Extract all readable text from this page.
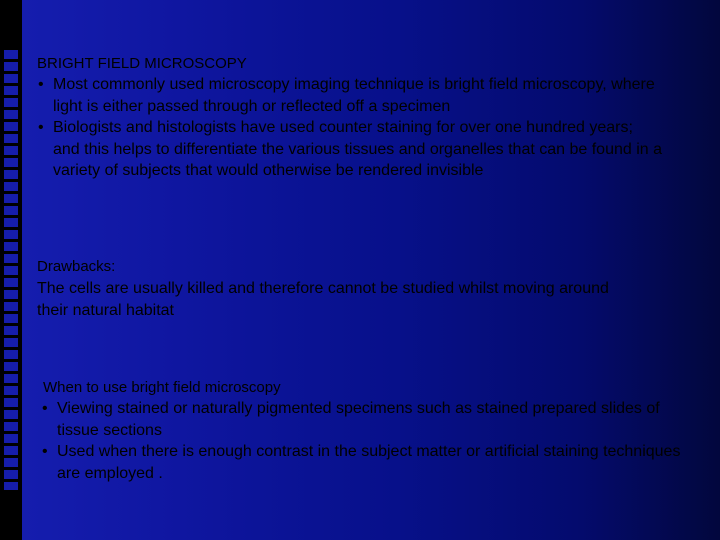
BRIGHT FIELD MICROSCOPY
• Most commonly used microscopy imaging technique is bright field microscopy, where light is either passed through or reflected off a specimen
• Biologists and histologists have used counter staining for over one hundred years; and this helps to differentiate the various tissues and organelles that can be found in a variety of subjects that would otherwise be rendered invisible
Drawbacks:
The cells are usually killed and therefore cannot be studied whilst moving around their natural habitat
When to use bright field microscopy
• Viewing stained or naturally pigmented specimens such as stained prepared slides of tissue sections
• Used when there is enough contrast in the subject matter or artificial staining techniques are employed .
